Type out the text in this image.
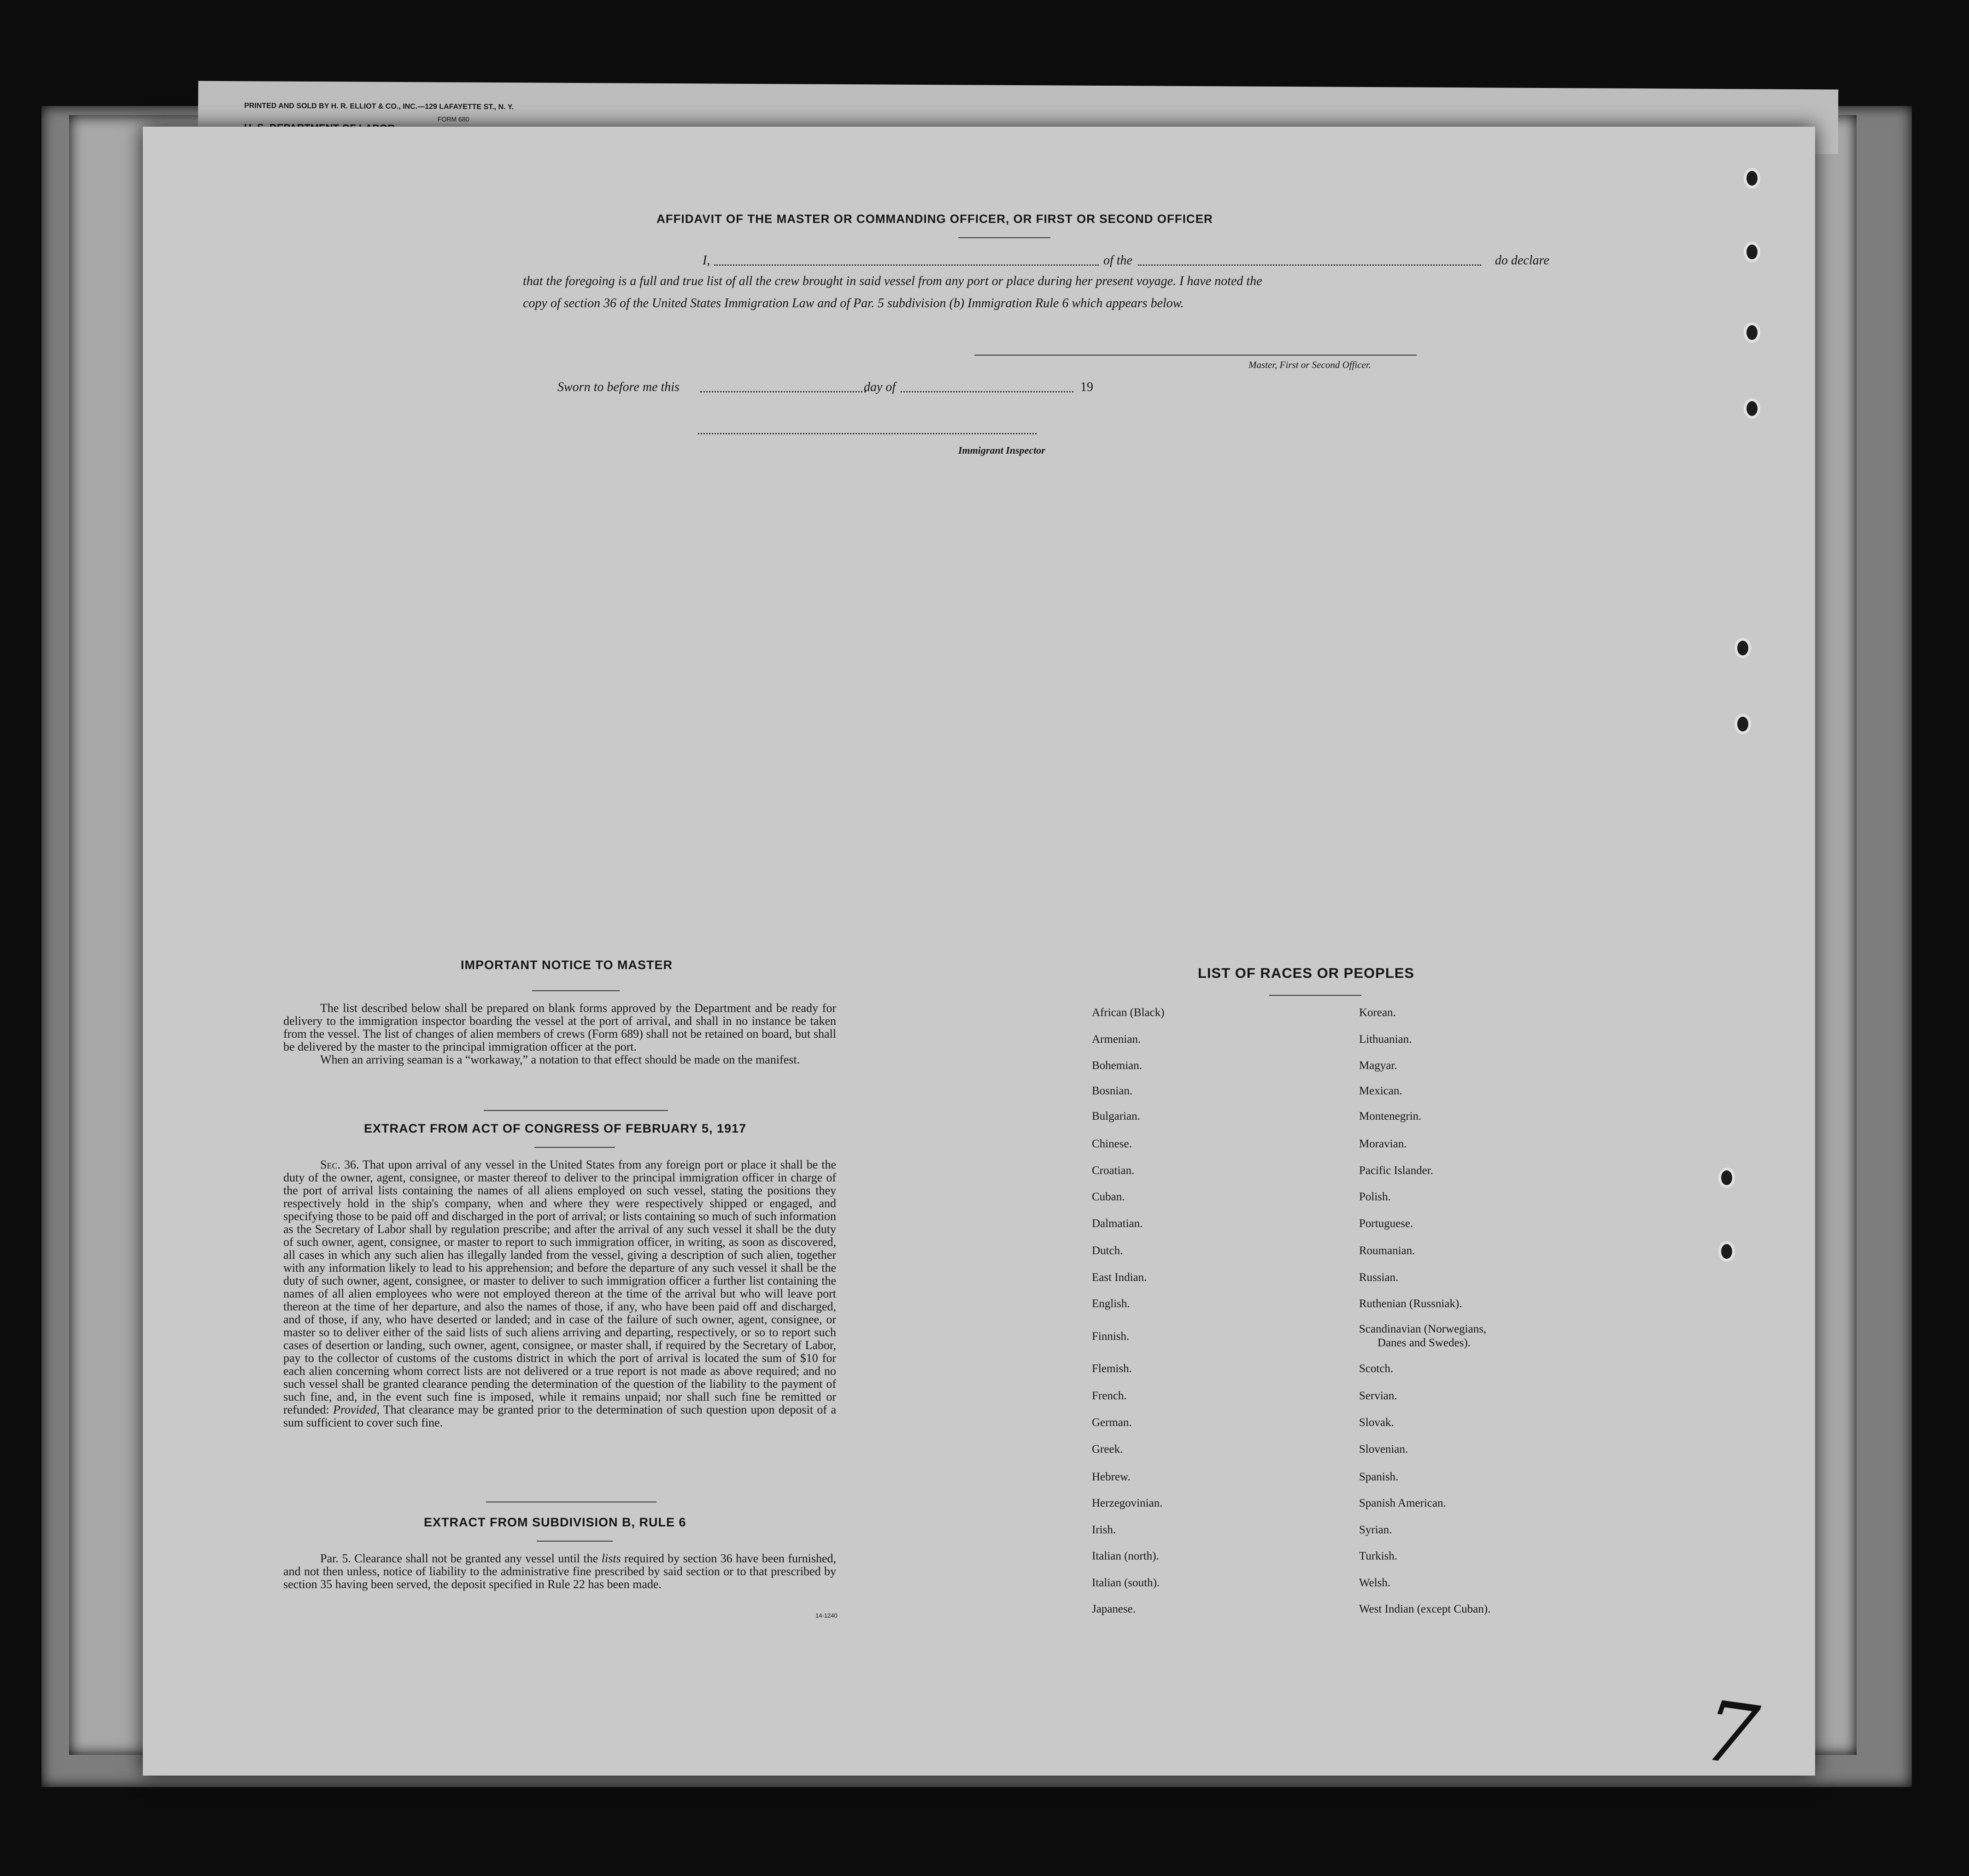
PRINTED AND SOLD BY H. R. ELLIOT & CO., INC.—129 LAFAYETTE ST., N. Y.
FORM 680
AFFIDAVIT OF THE MASTER OR COMMANDING OFFICER, OR FIRST OR SECOND OFFICER
I,	of the	do declare
that the foregoing is a full and true list of all the crew brought in said vessel from any port or place during her present voyage. I have noted the
copy of section 36 of the United States Immigration Law and of Par. 5 subdivision (b) Immigration Rule 6 which appears below.
Master, First or Second Officer.
Sworn to before me this	day of	19
Immigrant Inspector
IMPORTANT NOTICE TO MASTER

The list described below shall be prepared on blank forms approved by the Department and be ready for delivery to the immigration inspector boarding the vessel at the port of arrival, and shall in no instance be taken from the vessel. The list of changes of alien members of crews (Form 689) shall not be retained on board, but shall be delivered by the master to the principal immigration officer at the port.

When an arriving seaman is a “workaway,” a notation to that effect should be made on the manifest.

EXTRACT FROM ACT OF CONGRESS OF FEBRUARY 5, 1917

Sec. 36. That upon arrival of any vessel in the United States from any foreign port or place it shall be the duty of the owner, agent, consignee, or master thereof to deliver to the principal immigration officer in charge of the port of arrival lists containing the names of all aliens employed on such vessel, stating the positions they respectively hold in the ship's company, when and where they were respectively shipped or engaged, and specifying those to be paid off and discharged in the port of arrival; or lists containing so much of such information as the Secretary of Labor shall by regulation prescribe; and after the arrival of any such vessel it shall be the duty of such owner, agent, consignee, or master to report to such immigration officer, in writing, as soon as discovered, all cases in which any such alien has illegally landed from the vessel, giving a description of such alien, together with any information likely to lead to his apprehension; and before the departure of any such vessel it shall be the duty of such owner, agent, consignee, or master to deliver to such immigration officer a further list containing the names of all alien employees who were not employed thereon at the time of the arrival but who will leave port thereon at the time of her departure, and also the names of those, if any, who have been paid off and discharged, and of those, if any, who have deserted or landed; and in case of the failure of such owner, agent, consignee, or master so to deliver either of the said lists of such aliens arriving and departing, respectively, or so to report such cases of desertion or landing, such owner, agent, consignee, or master shall, if required by the Secretary of Labor, pay to the collector of customs of the customs district in which the port of arrival is located the sum of $10 for each alien concerning whom correct lists are not delivered or a true report is not made as above required; and no such vessel shall be granted clearance pending the determination of the question of the liability to the payment of such fine, and, in the event such fine is imposed, while it remains unpaid; nor shall such fine be remitted or refunded: Provided, That clearance may be granted prior to the determination of such question upon deposit of a sum sufficient to cover such fine.

EXTRACT FROM SUBDIVISION B, RULE 6

Par. 5. Clearance shall not be granted any vessel until the lists required by section 36 have been furnished, and not then unless, notice of liability to the administrative fine prescribed by said section or to that prescribed by section 35 having been served, the deposit specified in Rule 22 has been made.

14-1240
LIST OF RACES OR PEOPLES
African (Black)
Armenian.
Bohemian.
Bosnian.
Bulgarian.
Chinese.
Croatian.
Cuban.
Dalmatian.
Dutch.
East Indian.
English.
Finnish.
Flemish.
French.
German.
Greek.
Hebrew.
Herzegovinian.
Irish.
Italian (north).
Italian (south).
Japanese.
Korean.
Lithuanian.
Magyar.
Mexican.
Montenegrin.
Moravian.
Pacific Islander.
Polish.
Portuguese.
Roumanian.
Russian.
Ruthenian (Russniak).
Scandinavian (Norwegians,
Danes and Swedes).
Scotch.
Servian.
Slovak.
Slovenian.
Spanish.
Spanish American.
Syrian.
Turkish.
Welsh.
West Indian (except Cuban).
7
